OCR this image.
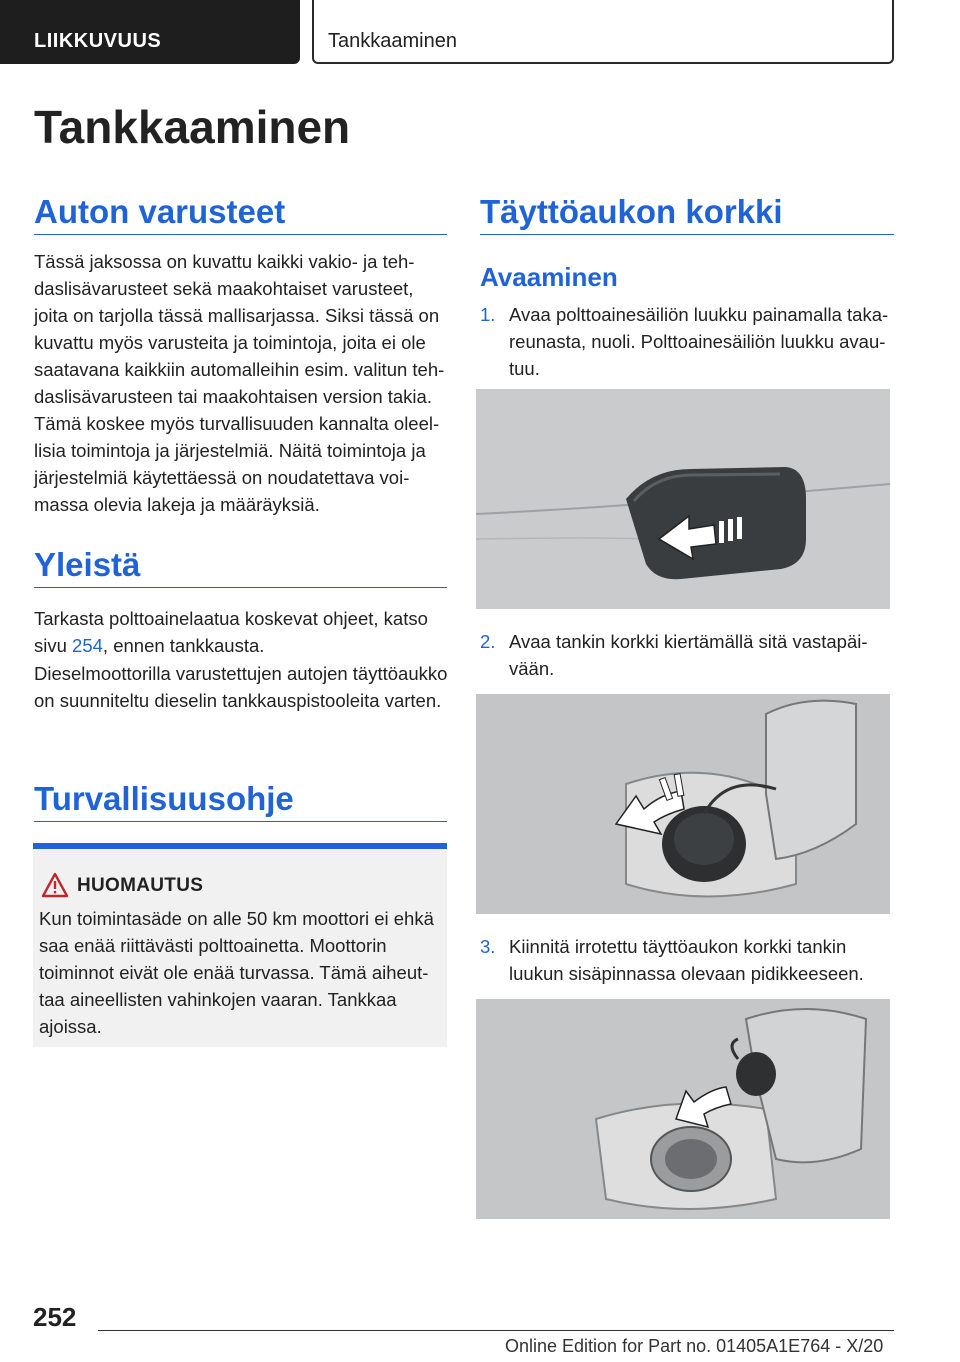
LIIKKUVUUS	Tankkaaminen
Tankkaaminen
Auton varusteet

Tässä jaksossa on kuvattu kaikki vakio- ja tehdaslisävarusteet sekä maakohtaiset varusteet, joita on tarjolla tässä mallisarjassa. Siksi tässä on kuvattu myös varusteita ja toimintoja, joita ei ole saatavana kaikkiin automalleihin esim. valitun tehdaslisävarusteen tai maakohtaisen version takia. Tämä koskee myös turvallisuuden kannalta oleellisia toimintoja ja järjestelmiä. Näitä toimintoja ja järjestelmiä käytettäessä on noudatettava voimassa olevia lakeja ja määräyksiä.

Yleistä

Tarkasta polttoainelaatua koskevat ohjeet, katso sivu 254, ennen tankkausta.

Dieselmoottorilla varustettujen autojen täyttöaukko on suunniteltu dieselin tankkauspistooleita varten.

Turvallisuusohje
HUOMAUTUS
Kun toimintasäde on alle 50 km moottori ei ehkä saa enää riittävästi polttoainetta. Moottorin toiminnot eivät ole enää turvassa. Tämä aiheuttaa aineellisten vahinkojen vaaran. Tankkaa ajoissa.
Täyttöaukon korkki
Avaaminen
1. Avaa polttoainesäiliön luukku painamalla takareunasta, nuoli. Polttoainesäiliön luukku avautuu.
2. Avaa tankin korkki kiertämällä sitä vastapäivään.
3. Kiinnitä irrotettu täyttöaukon korkki tankin luukun sisäpinnassa olevaan pidikkeeseen.
252
Online Edition for Part no. 01405A1E764 - X/20
